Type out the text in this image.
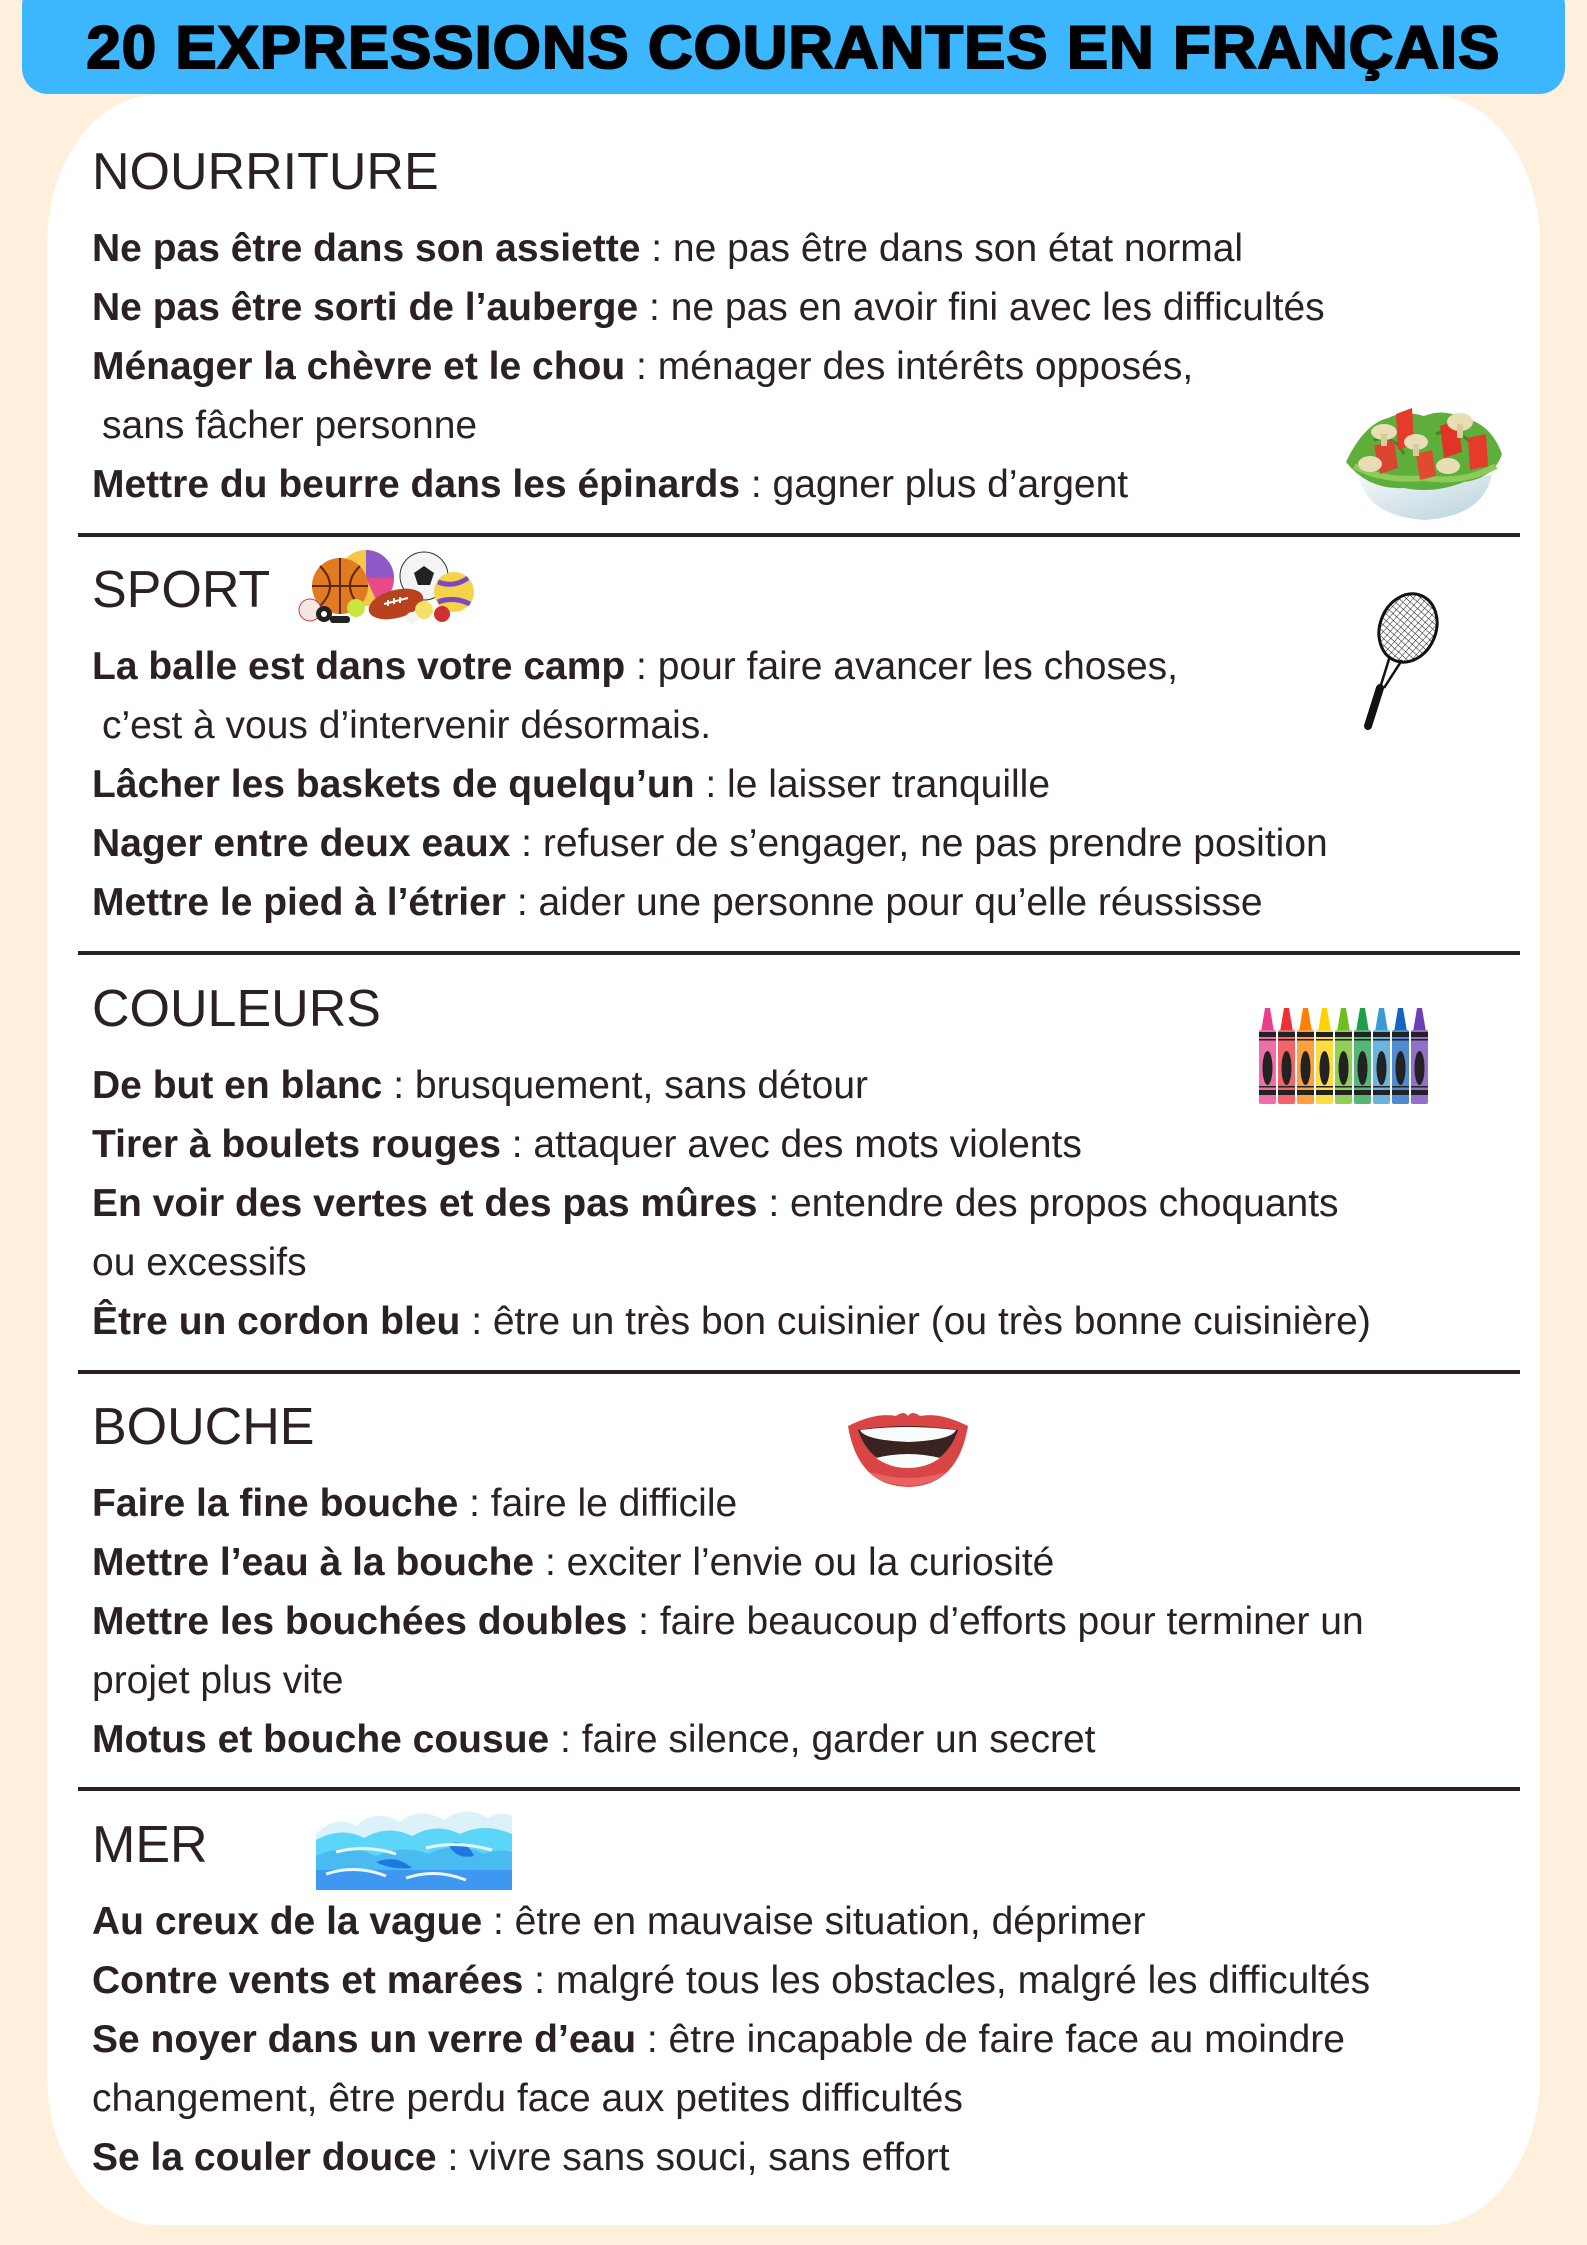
20 EXPRESSIONS COURANTES EN FRANÇAIS
NOURRITURE
Ne pas être dans son assiette : ne pas être dans son état normal
Ne pas être sorti de l’auberge : ne pas en avoir fini avec les difficultés
Ménager la chèvre et le chou : ménager des intérêts opposés,
sans fâcher personne
Mettre du beurre dans les épinards : gagner plus d’argent
SPORT
La balle est dans votre camp : pour faire avancer les choses,
c’est à vous d’intervenir désormais.
Lâcher les baskets de quelqu’un : le laisser tranquille
Nager entre deux eaux : refuser de s’engager, ne pas prendre position
Mettre le pied à l’étrier : aider une personne pour qu’elle réussisse
COULEURS
De but en blanc : brusquement, sans détour
Tirer à boulets rouges : attaquer avec des mots violents
En voir des vertes et des pas mûres : entendre des propos choquants
ou excessifs
Être un cordon bleu : être un très bon cuisinier (ou très bonne cuisinière)
BOUCHE
Faire la fine bouche : faire le difficile
Mettre l’eau à la bouche : exciter l’envie ou la curiosité
Mettre les bouchées doubles : faire beaucoup d’efforts pour terminer un
projet plus vite
Motus et bouche cousue : faire silence, garder un secret
MER
Au creux de la vague : être en mauvaise situation, déprimer
Contre vents et marées : malgré tous les obstacles, malgré les difficultés
Se noyer dans un verre d’eau : être incapable de faire face au moindre
changement, être perdu face aux petites difficultés
Se la couler douce : vivre sans souci, sans effort
